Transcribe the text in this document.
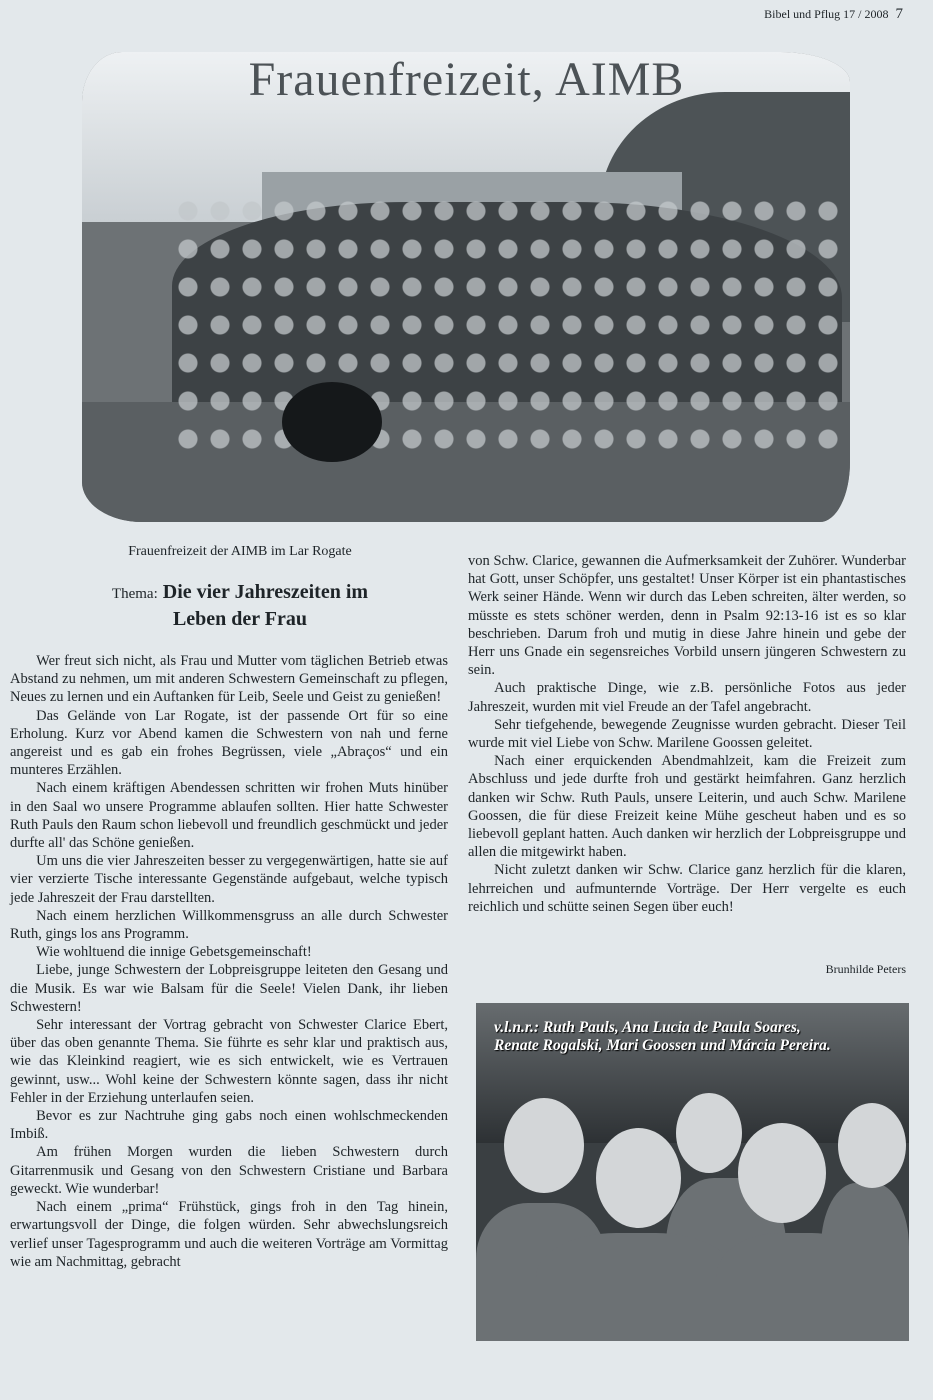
Bibel und Pflug 17 / 2008 7
Frauenfreizeit, AIMB
Frauenfreizeit der AIMB im Lar Rogate
Thema: Die vier Jahreszeiten im
Leben der Frau

Wer freut sich nicht, als Frau und Mutter vom täglichen Betrieb etwas Abstand zu nehmen, um mit anderen Schwestern Gemeinschaft zu pflegen, Neues zu lernen und ein Auftanken für Leib, Seele und Geist zu genießen!

Das Gelände von Lar Rogate, ist der passende Ort für so eine Erholung. Kurz vor Abend kamen die Schwestern von nah und ferne angereist und es gab ein frohes Begrüssen, viele „Abraços“ und ein munteres Erzählen.

Nach einem kräftigen Abendessen schritten wir frohen Muts hinüber in den Saal wo unsere Programme ablaufen sollten. Hier hatte Schwester Ruth Pauls den Raum schon liebevoll und freundlich geschmückt und jeder durfte all' das Schöne genießen.

Um uns die vier Jahreszeiten besser zu vergegenwärtigen, hatte sie auf vier verzierte Tische interessante Gegenstände aufgebaut, welche typisch jede Jahreszeit der Frau darstellten.

Nach einem herzlichen Willkommensgruss an alle durch Schwester Ruth, gings los ans Programm.

Wie wohltuend die innige Gebetsgemeinschaft!

Liebe, junge Schwestern der Lobpreisgruppe leiteten den Gesang und die Musik. Es war wie Balsam für die Seele! Vielen Dank, ihr lieben Schwestern!

Sehr interessant der Vortrag gebracht von Schwester Clarice Ebert, über das oben genannte Thema. Sie führte es sehr klar und praktisch aus, wie das Kleinkind reagiert, wie es sich entwickelt, wie es Vertrauen gewinnt, usw... Wohl keine der Schwestern könnte sagen, dass ihr nicht Fehler in der Erziehung unterlaufen seien.

Bevor es zur Nachtruhe ging gabs noch einen wohlschmeckenden Imbiß.

Am frühen Morgen wurden die lieben Schwestern durch Gitarrenmusik und Gesang von den Schwestern Cristiane und Barbara geweckt. Wie wunderbar!

Nach einem „prima“ Frühstück, gings froh in den Tag hinein, erwartungsvoll der Dinge, die folgen würden. Sehr abwechslungsreich verlief unser Tagesprogramm und auch die weiteren Vorträge am Vormittag wie am Nachmittag, gebracht

von Schw. Clarice, gewannen die Aufmerksamkeit der Zuhörer. Wunderbar hat Gott, unser Schöpfer, uns gestaltet! Unser Körper ist ein phantastisches Werk seiner Hände. Wenn wir durch das Leben schreiten, älter werden, so müsste es stets schöner werden, denn in Psalm 92:13-16 ist es so klar beschrieben. Darum froh und mutig in diese Jahre hinein und gebe der Herr uns Gnade ein segensreiches Vorbild unsern jüngeren Schwestern zu sein.

Auch praktische Dinge, wie z.B. persönliche Fotos aus jeder Jahreszeit, wurden mit viel Freude an der Tafel angebracht.

Sehr tiefgehende, bewegende Zeugnisse wurden gebracht. Dieser Teil wurde mit viel Liebe von Schw. Marilene Goossen geleitet.

Nach einer erquickenden Abendmahlzeit, kam die Freizeit zum Abschluss und jede durfte froh und gestärkt heimfahren. Ganz herzlich danken wir Schw. Ruth Pauls, unsere Leiterin, und auch Schw. Marilene Goossen, die für diese Freizeit keine Mühe gescheut haben und es so liebevoll geplant hatten. Auch danken wir herzlich der Lobpreisgruppe und allen die mitgewirkt haben.

Nicht zuletzt danken wir Schw. Clarice ganz herzlich für die klaren, lehrreichen und aufmunternde Vorträge. Der Herr vergelte es euch reichlich und schütte seinen Segen über euch!

Brunhilde Peters
v.l.n.r.: Ruth Pauls, Ana Lucia de Paula Soares,
Renate Rogalski, Mari Goossen und Márcia Pereira.
